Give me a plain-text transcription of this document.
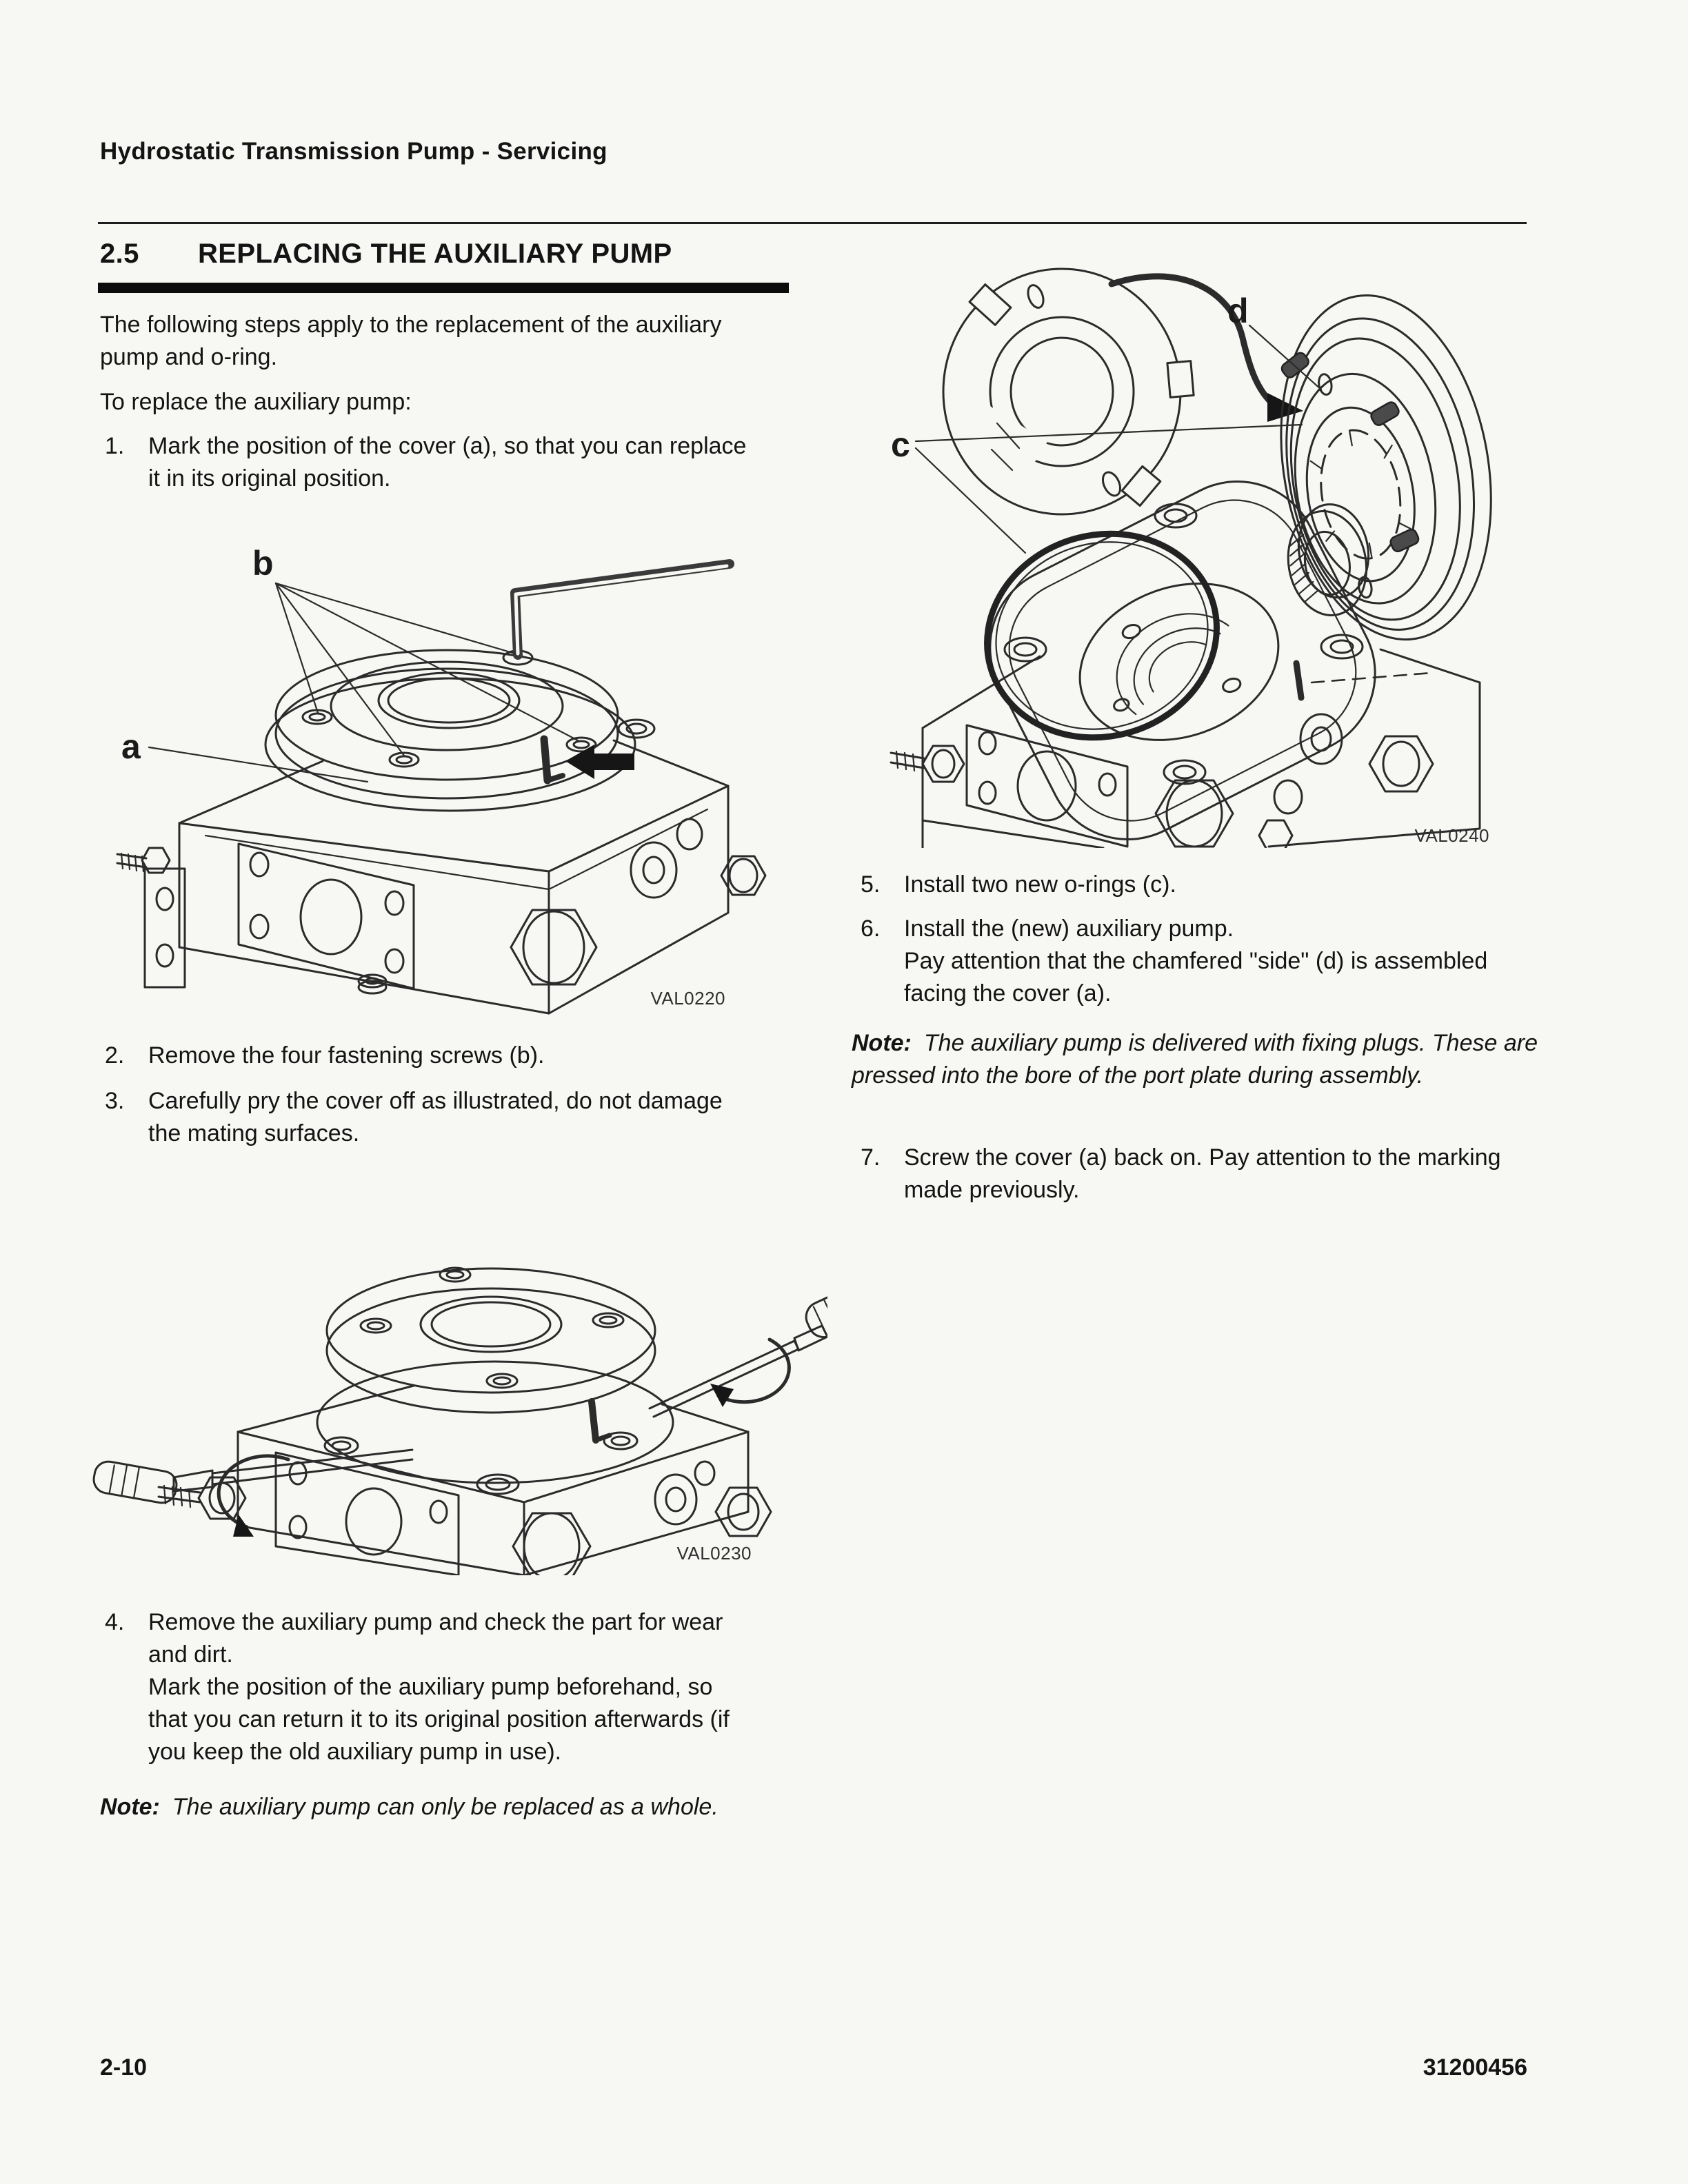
Hydrostatic Transmission Pump - Servicing
2.5	REPLACING THE AUXILIARY PUMP
The following steps apply to the replacement of the auxiliary pump and o-ring.
To replace the auxiliary pump:
1.	Mark the position of the cover (a), so that you can replace it in its original position.
b
a
VAL0220
2.	Remove the four fastening screws (b).
3.	Carefully pry the cover off as illustrated, do not damage the mating surfaces.
VAL0230
4.	Remove the auxiliary pump and check the part for wear and dirt.
Mark the position of the auxiliary pump beforehand, so that you can return it to its original position afterwards (if you keep the old auxiliary pump in use).
Note: The auxiliary pump can only be replaced as a whole.
d
c
VAL0240
5.	Install two new o-rings (c).
6.	Install the (new) auxiliary pump.
Pay attention that the chamfered "side" (d) is assembled facing the cover (a).
Note: The auxiliary pump is delivered with fixing plugs. These are pressed into the bore of the port plate during assembly.
7.	Screw the cover (a) back on. Pay attention to the marking made previously.
2-10	31200456
